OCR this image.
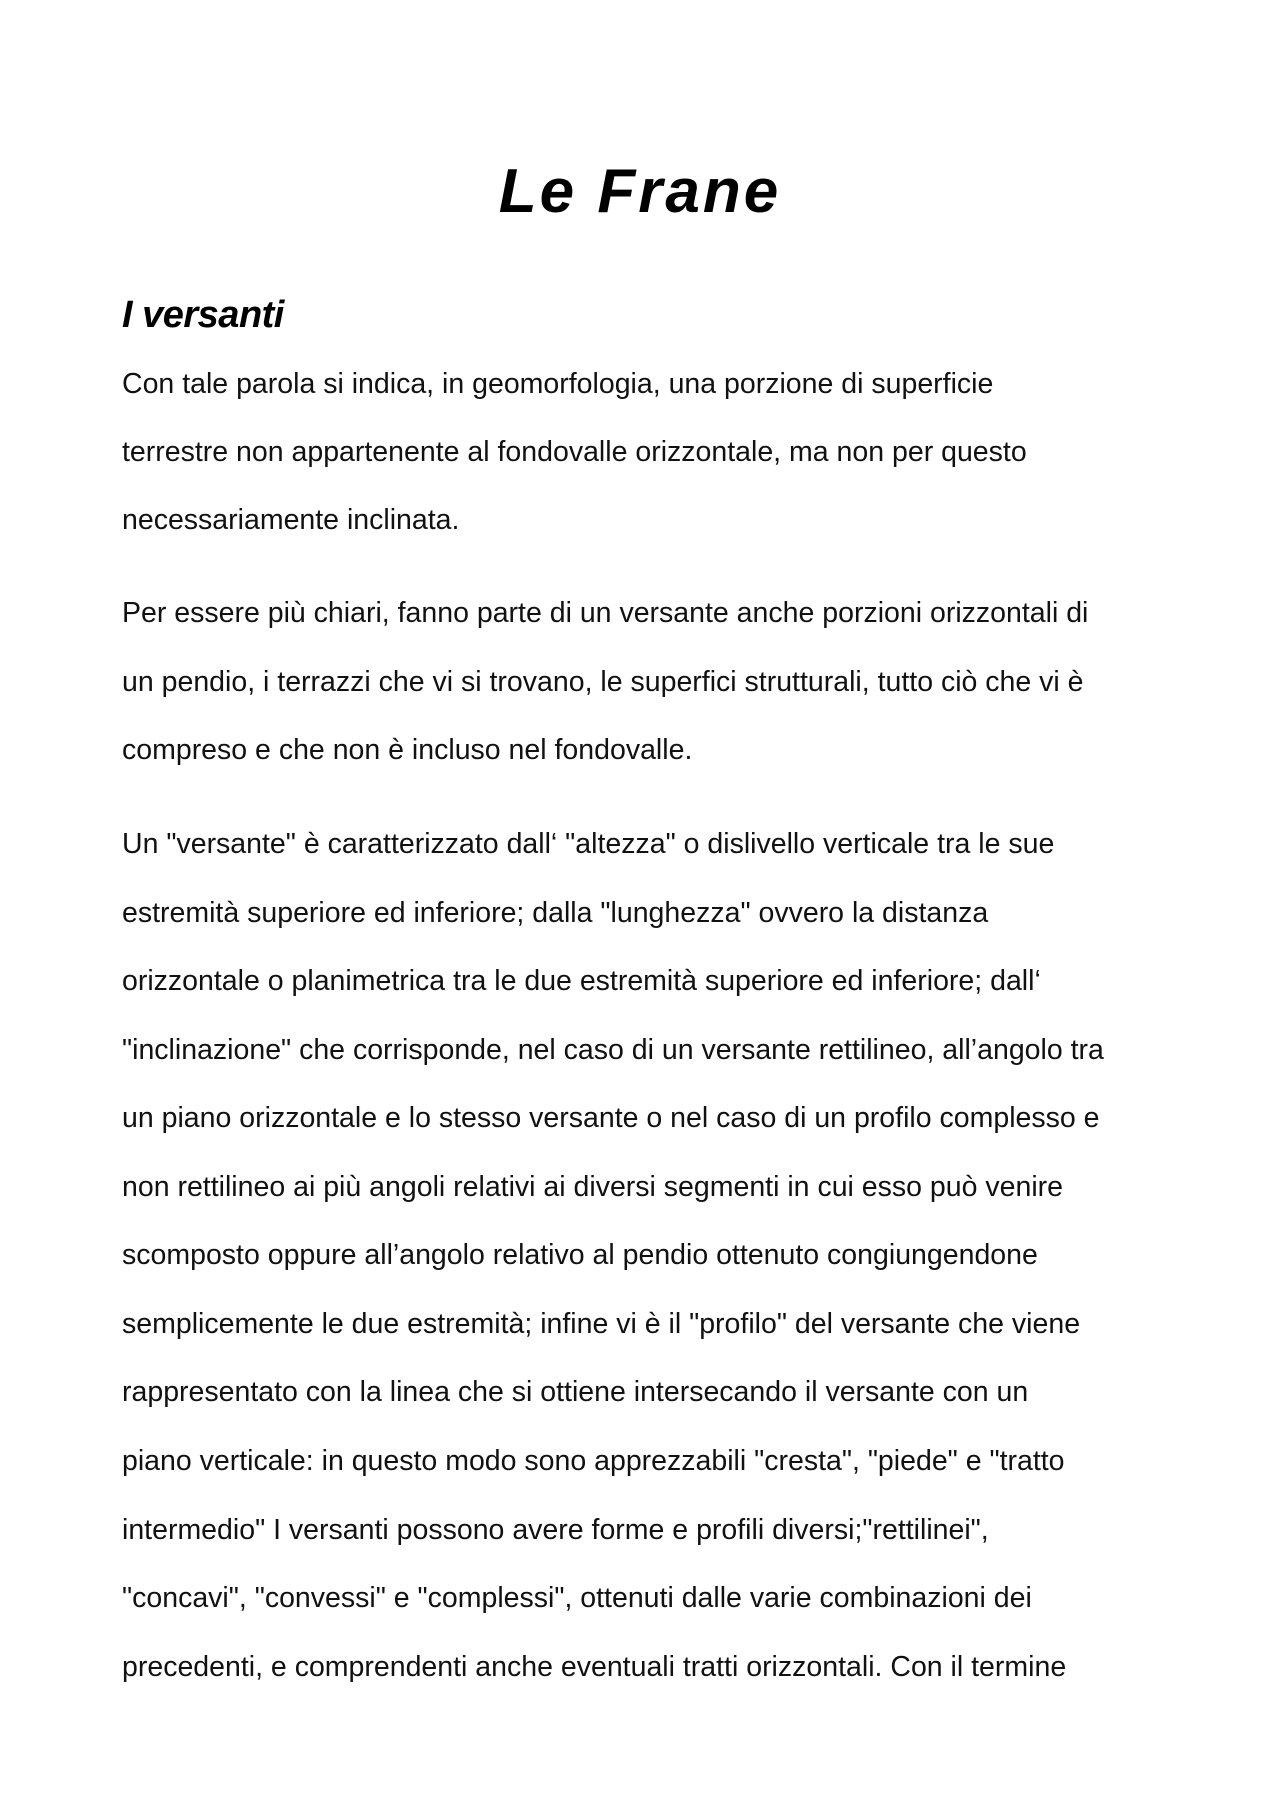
Le Frane
I versanti

Con tale parola si indica, in geomorfologia, una porzione di superficie

terrestre non appartenente al fondovalle orizzontale, ma non per questo

necessariamente inclinata.

Per essere più chiari, fanno parte di un versante anche porzioni orizzontali di

un pendio, i terrazzi che vi si trovano, le superfici strutturali, tutto ciò che vi è

compreso e che non è incluso nel fondovalle.

Un "versante" è caratterizzato dall‘ "altezza" o dislivello verticale tra le sue

estremità superiore ed inferiore; dalla "lunghezza" ovvero la distanza

orizzontale o planimetrica tra le due estremità superiore ed inferiore; dall‘

"inclinazione" che corrisponde, nel caso di un versante rettilineo, all’angolo tra

un piano orizzontale e lo stesso versante o nel caso di un profilo complesso e

non rettilineo ai più angoli relativi ai diversi segmenti in cui esso può venire

scomposto oppure all’angolo relativo al pendio ottenuto congiungendone

semplicemente le due estremità; infine vi è il "profilo" del versante che viene

rappresentato con la linea che si ottiene intersecando il versante con un

piano verticale: in questo modo sono apprezzabili "cresta", "piede" e "tratto

intermedio" I versanti possono avere forme e profili diversi;"rettilinei",

"concavi", "convessi" e "complessi", ottenuti dalle varie combinazioni dei

precedenti, e comprendenti anche eventuali tratti orizzontali. Con il termine
